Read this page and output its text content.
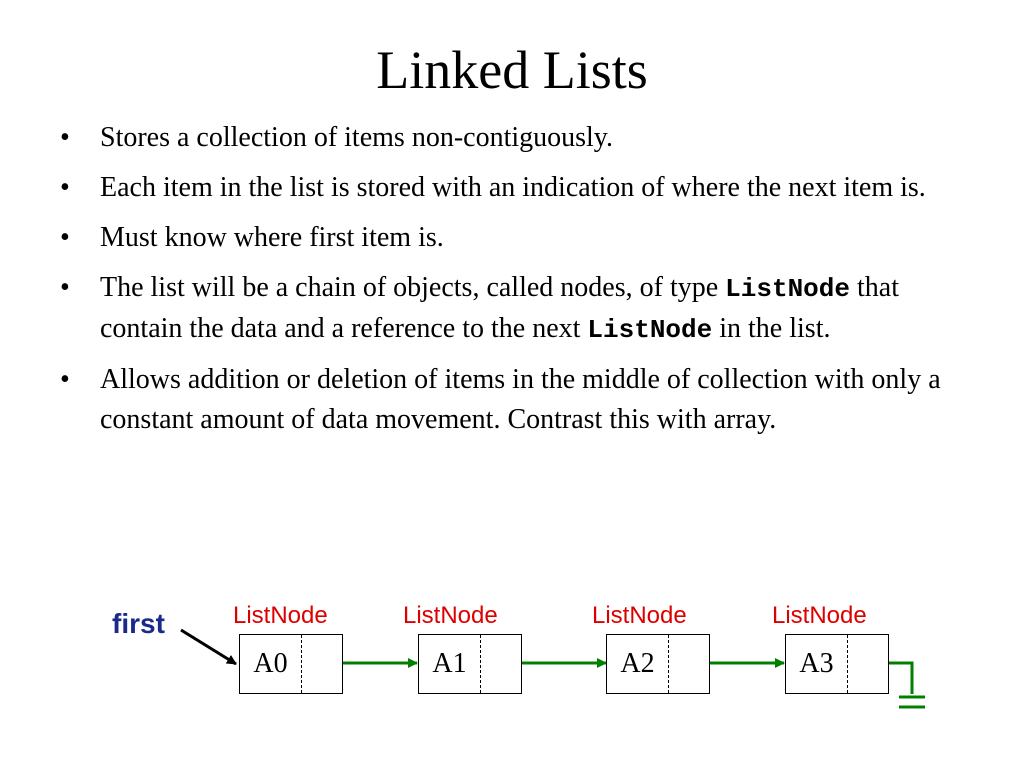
Linked Lists
• Stores a collection of items non-contiguously.
• Each item in the list is stored with an indication of where the next item is.
• Must know where first item is.
• The list will be a chain of objects, called nodes, of type ListNode that contain the data and a reference to the next ListNode in the list.
• Allows addition or deletion of items in the middle of collection with only a constant amount of data movement. Contrast this with array.
first	ListNode	ListNode	ListNode	ListNode
A0	A1	A2	A3
